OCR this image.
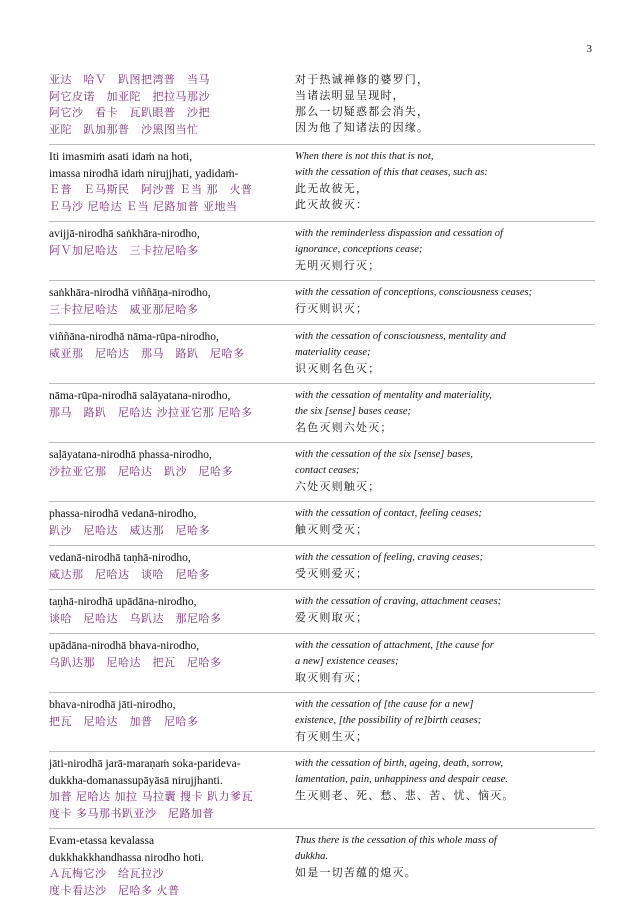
3
亚达　哈Ｖ　趴图把湾普　当马
阿它皮诺　加亚陀　把拉马那沙
阿它沙　看卡　瓦趴眼普　沙把
亚陀　趴加那普　沙黑图当忙
对于热诚禅修的婆罗门，
当诸法明显呈现时，
那么一切疑惑都会消失，
因为他了知诸法的因缘。
Iti imasmiṁ asati idaṁ na hoti,
imassa nirodhā idaṁ nirujjhati, yadidaṁ-
Ｅ普　Ｅ马斯民　阿沙普 Ｅ当 那　火普
Ｅ马沙 尼哈达 Ｅ当 尼路加普 亚地当
When there is not this that is not,
with the cessation of this that ceases, such as:
此无故彼无，
此灭故彼灭：
avijjā-nirodhā saṅkhāra-nirodho,
阿Ｖ加尼哈达　三卡拉尼哈多
with the reminderless dispassion and cessation of
ignorance, conceptions cease;
无明灭则行灭；
saṅkhāra-nirodhā viññāṇa-nirodho,
三卡拉尼哈达　威亚那尼哈多
with the cessation of conceptions, consciousness ceases;
行灭则识灭；
viññāna-nirodhā nāma-rūpa-nirodho,
威亚那　尼哈达　那马　路趴　尼哈多
with the cessation of consciousness, mentality and
materiality cease;
识灭则名色灭；
nāma-rūpa-nirodhā salāyatana-nirodho,
那马　路趴　尼哈达 沙拉亚它那 尼哈多
with the cessation of mentality and materiality,
the six [sense] bases cease;
名色灭则六处灭；
saḷāyatana-nirodhā phassa-nirodho,
沙拉亚它那　尼哈达　趴沙　尼哈多
with the cessation of the six [sense] bases,
contact ceases;
六处灭则触灭；
phassa-nirodhā vedanā-nirodho,
趴沙　尼哈达　威达那　尼哈多
with the cessation of contact, feeling ceases;
触灭则受灭；
vedanā-nirodhā taṇhā-nirodho,
威达那　尼哈达　谈哈　尼哈多
with the cessation of feeling, craving ceases;
受灭则爱灭；
taṇhā-nirodhā upādāna-nirodho,
谈哈　尼哈达　乌趴达　那尼哈多
with the cessation of craving, attachment ceases;
爱灭则取灭；
upādāna-nirodhā bhava-nirodho,
乌趴达那　尼哈达　把瓦　尼哈多
with the cessation of attachment, [the cause for
a new] existence ceases;
取灭则有灭；
bhava-nirodhā jāti-nirodho,
把瓦　尼哈达　加普　尼哈多
with the cessation of [the cause for a new]
existence, [the possibility of re]birth ceases;
有灭则生灭；
jāti-nirodhā jarā-maraṇaṁ soka-parideva-
dukkha-domanassupāyāsā nirujjhanti.
加普 尼哈达 加拉 马拉囊 搜卡 趴力爹瓦
度卡 多马那书趴亚沙　尼路加普
with the cessation of birth, ageing, death, sorrow,
lamentation, pain, unhappiness and despair cease.
生灭则老、死、愁、悲、苦、忧、恼灭。
Evam-etassa kevalassa
dukkhakkhandhassa nirodho hoti.
Ａ瓦梅它沙　给瓦拉沙
度卡看达沙　尼哈多 火普
Thus there is the cessation of this whole mass of
dukkha.
如是一切苦蕴的熄灭。
